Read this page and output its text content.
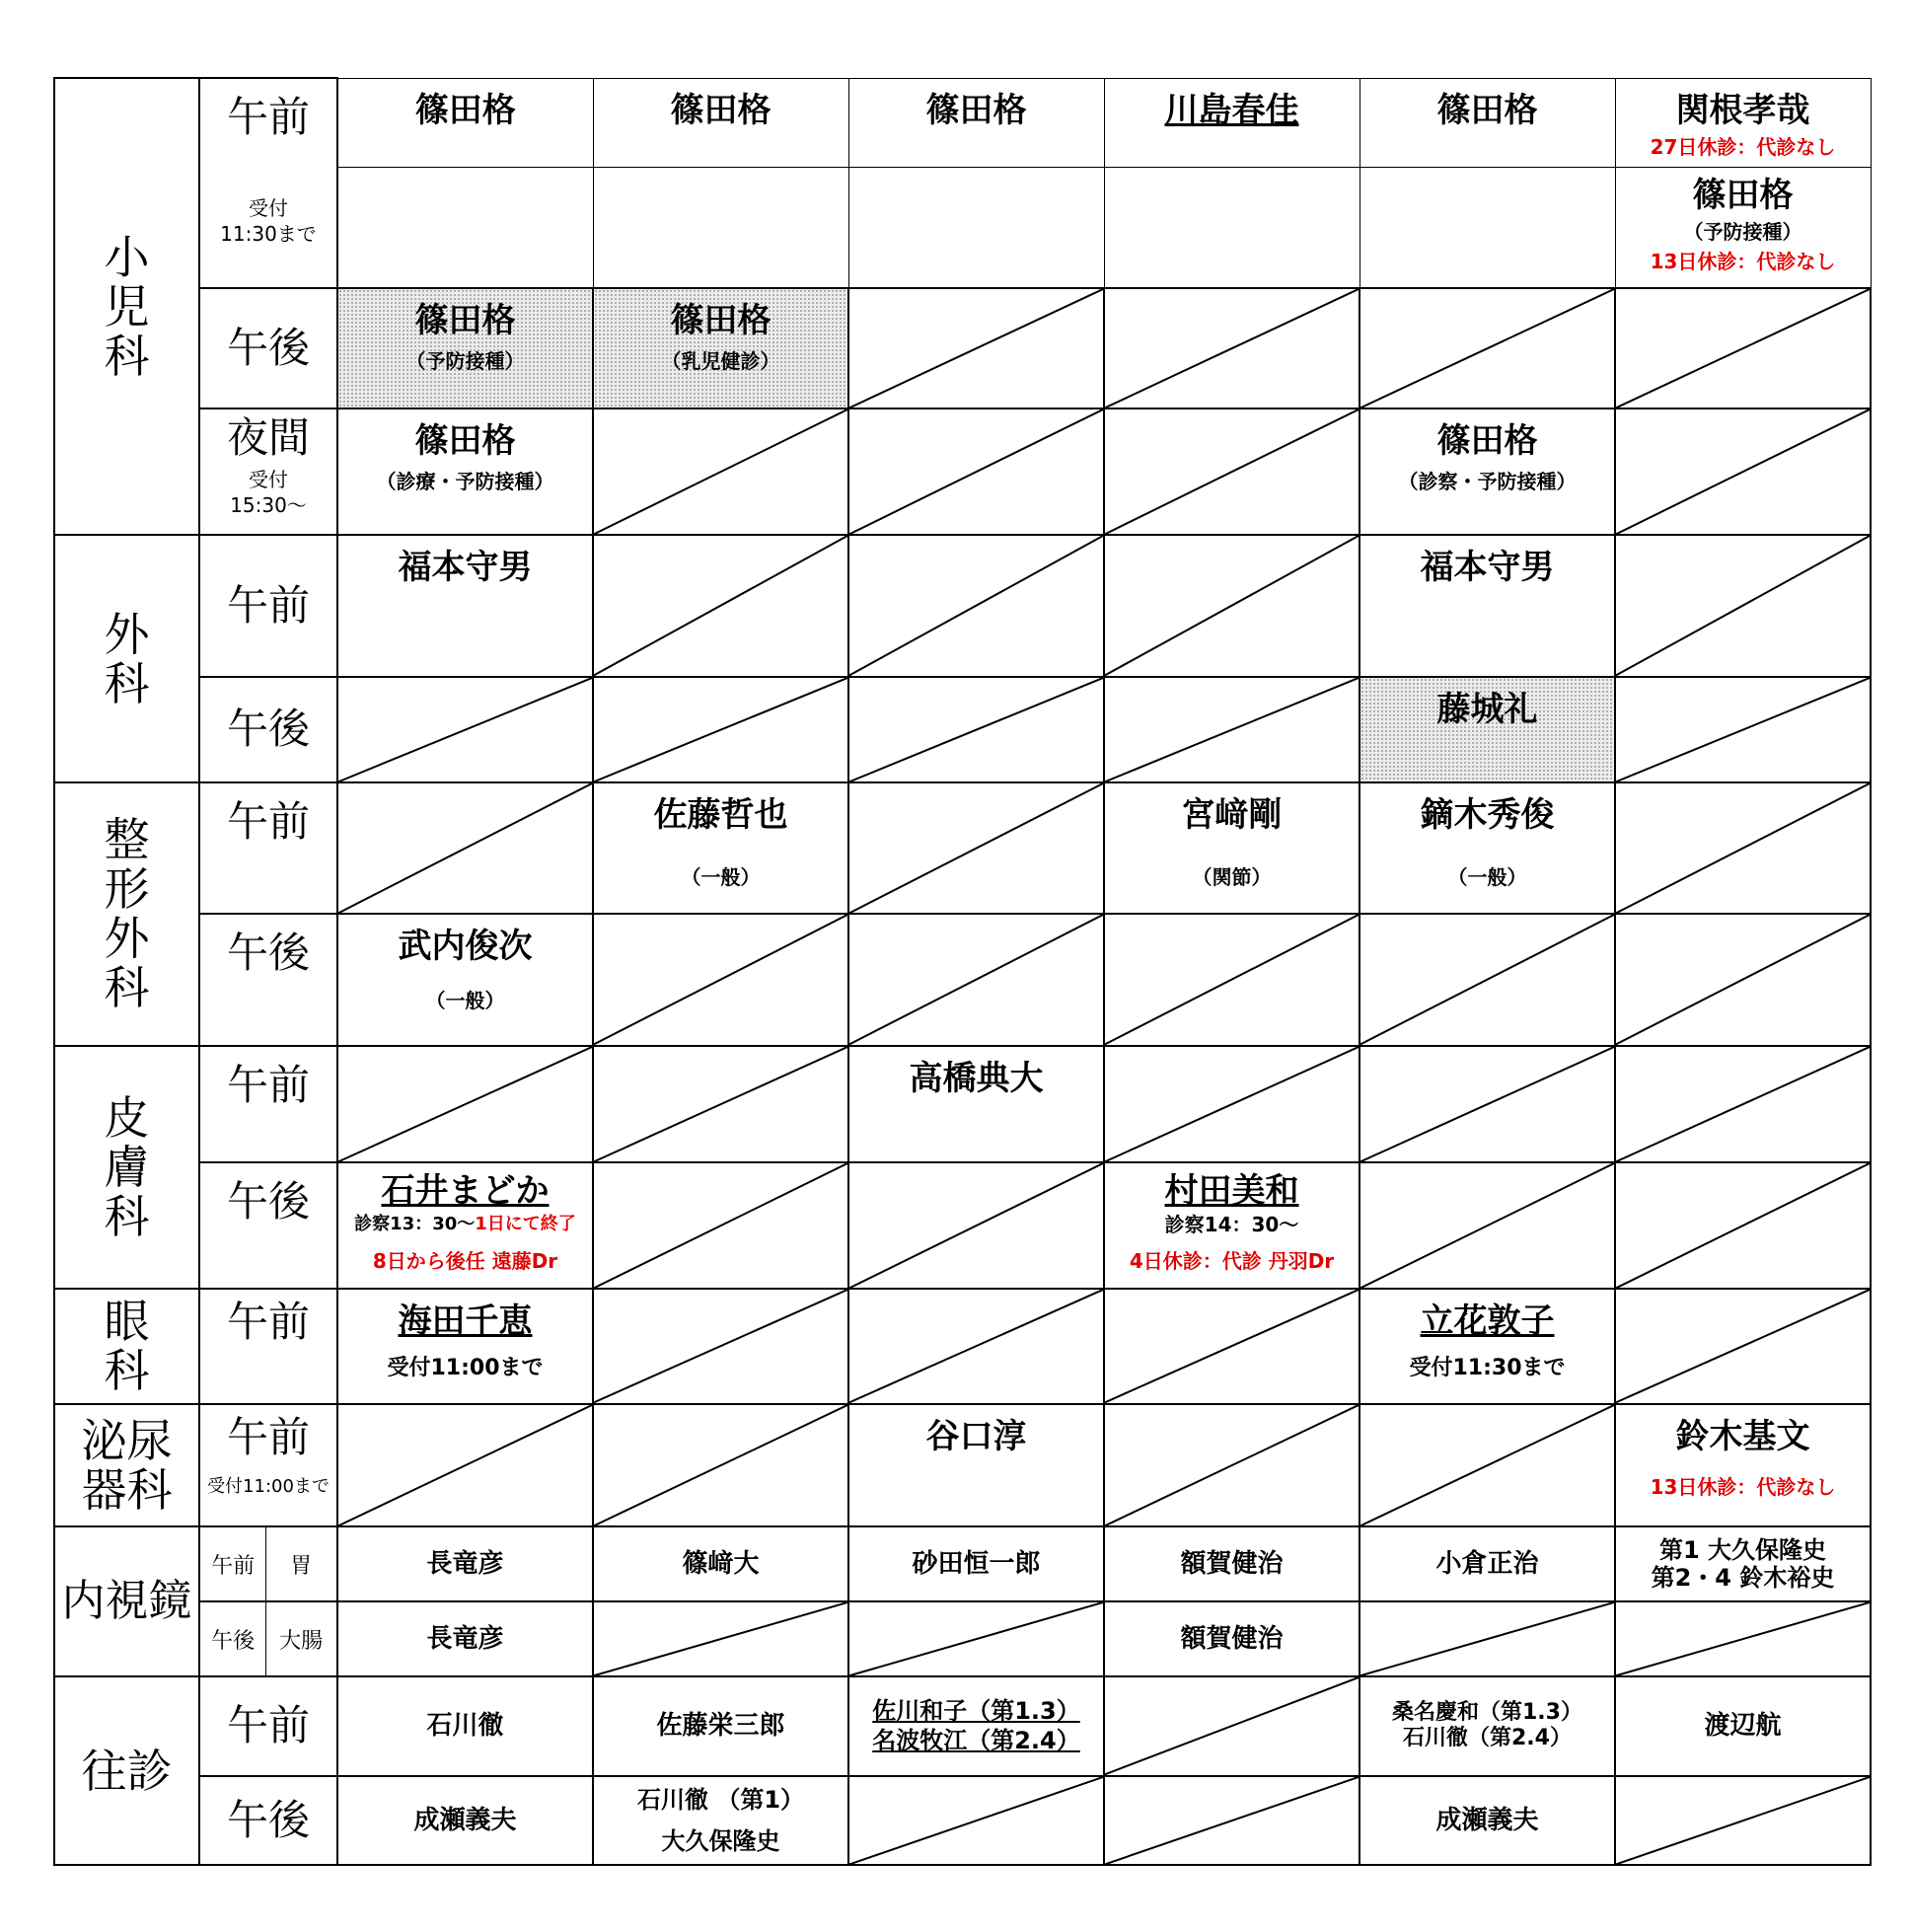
小児科	午前
受付
11:30まで	篠田格	篠田格	篠田格	川島春佳	篠田格	関根孝哉
27日休診：代診なし

							篠田格
（予防接種）
13日休診：代診なし

	午後	篠田格
（予防接種）	篠田格
（乳児健診）

	夜間
受付
15:30～	篠田格
（診療・予防接種）				篠田格
（診察・予防接種）

外科	午前	福本守男				福本守男

	午後					藤城礼

整形外科	午前		佐藤哲也
（一般）		宮﨑剛
（関節）	鏑木秀俊
（一般）

	午後	武内俊次
（一般）

皮膚科	午前			高橋典大

	午後	石井まどか
診察13：30～1日にて終了
8日から後任 遠藤Dr			村田美和
診察14：30～
4日休診：代診 丹羽Dr

眼科	午前	海田千恵
受付11:00まで				立花敦子
受付11:30まで

泌尿器科	午前
受付11:00まで			谷口淳			鈴木基文
13日休診：代診なし

内視鏡	午前 胃	長竜彦	篠﨑大	砂田恒一郎	額賀健治	小倉正治	第1 大久保隆史
第2・4 鈴木裕史

午後 大腸	長竜彦			額賀健治

往診	午前	石川徹	佐藤栄三郎	佐川和子（第1.3）
名波牧江（第2.4）		桑名慶和（第1.3）
石川徹（第2.4）	渡辺航

	午後	成瀬義夫	石川徹 （第1）
大久保隆史			成瀬義夫
